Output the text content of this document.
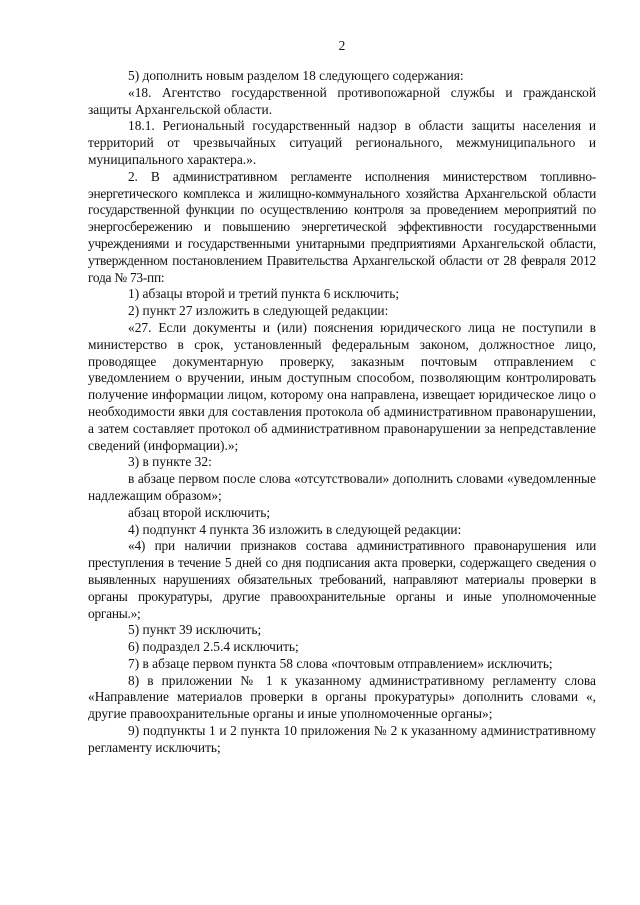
2

5) дополнить новым разделом 18 следующего содержания:

«18. Агентство государственной противопожарной службы и гражданской защиты Архангельской области.

18.1. Региональный государственный надзор в области защиты населения и территорий от чрезвычайных ситуаций регионального, межмуниципального и муниципального характера.».

2. В административном регламенте исполнения министерством топливно-энергетического комплекса и жилищно-коммунального хозяйства Архангельской области государственной функции по осуществлению контроля за проведением мероприятий по энергосбережению и повышению энергетической эффективности государственными учреждениями и государственными унитарными предприятиями Архангельской области, утвержденном постановлением Правительства Архангельской области от 28 февраля 2012 года № 73-пп:

1) абзацы второй и третий пункта 6 исключить;

2) пункт 27 изложить в следующей редакции:

«27. Если документы и (или) пояснения юридического лица не поступили в министерство в срок, установленный федеральным законом, должностное лицо, проводящее документарную проверку, заказным почтовым отправлением с уведомлением о вручении, иным доступным способом, позволяющим контролировать получение информации лицом, которому она направлена, извещает юридическое лицо о необходимости явки для составления протокола об административном правонарушении, а затем составляет протокол об административном правонарушении за непредставление сведений (информации).»;

3) в пункте 32:

в абзаце первом после слова «отсутствовали» дополнить словами «уведомленные надлежащим образом»;

абзац второй исключить;

4) подпункт 4 пункта 36 изложить в следующей редакции:

«4) при наличии признаков состава административного правонарушения или преступления в течение 5 дней со дня подписания акта проверки, содержащего сведения о выявленных нарушениях обязательных требований, направляют материалы проверки в органы прокуратуры, другие правоохранительные органы и иные уполномоченные органы.»;

5) пункт 39 исключить;

6) подраздел 2.5.4 исключить;

7) в абзаце первом пункта 58 слова «почтовым отправлением» исключить;

8) в приложении № 1 к указанному административному регламенту слова «Направление материалов проверки в органы прокуратуры» дополнить словами «, другие правоохранительные органы и иные уполномоченные органы»;

9) подпункты 1 и 2 пункта 10 приложения № 2 к указанному административному регламенту исключить;
